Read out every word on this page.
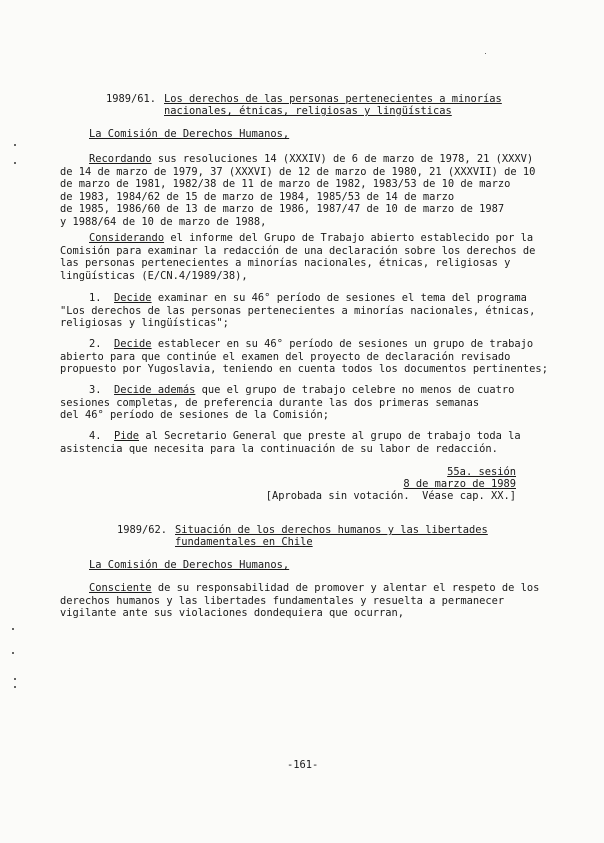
1989/61. Los derechos de las personas pertenecientes a minorías
nacionales, étnicas, religiosas y lingüísticas
La Comisión de Derechos Humanos,
Recordando sus resoluciones 14 (XXXIV) de 6 de marzo de 1978, 21 (XXXV)
de 14 de marzo de 1979, 37 (XXXVI) de 12 de marzo de 1980, 21 (XXXVII) de 10
de marzo de 1981, 1982/38 de 11 de marzo de 1982, 1983/53 de 10 de marzo
de 1983, 1984/62 de 15 de marzo de 1984, 1985/53 de 14 de marzo
de 1985, 1986/60 de 13 de marzo de 1986, 1987/47 de 10 de marzo de 1987
y 1988/64 de 10 de marzo de 1988,
Considerando el informe del Grupo de Trabajo abierto establecido por la
Comisión para examinar la redacción de una declaración sobre los derechos de
las personas pertenecientes a minorías nacionales, étnicas, religiosas y
lingüísticas (E/CN.4/1989/38),
1. Decide examinar en su 46° período de sesiones el tema del programa
"Los derechos de las personas pertenecientes a minorías nacionales, étnicas,
religiosas y lingüísticas";
2. Decide establecer en su 46° período de sesiones un grupo de trabajo
abierto para que continúe el examen del proyecto de declaración revisado
propuesto por Yugoslavia, teniendo en cuenta todos los documentos pertinentes;
3. Decide además que el grupo de trabajo celebre no menos de cuatro
sesiones completas, de preferencia durante las dos primeras semanas
del 46° período de sesiones de la Comisión;
4. Pide al Secretario General que preste al grupo de trabajo toda la
asistencia que necesita para la continuación de su labor de redacción.
55a. sesión
8 de marzo de 1989
[Aprobada sin votación.  Véase cap. XX.]
1989/62. Situación de los derechos humanos y las libertades
fundamentales en Chile
La Comisión de Derechos Humanos,
Consciente de su responsabilidad de promover y alentar el respeto de los
derechos humanos y las libertades fundamentales y resuelta a permanecer
vigilante ante sus violaciones dondequiera que ocurran,
-161-
